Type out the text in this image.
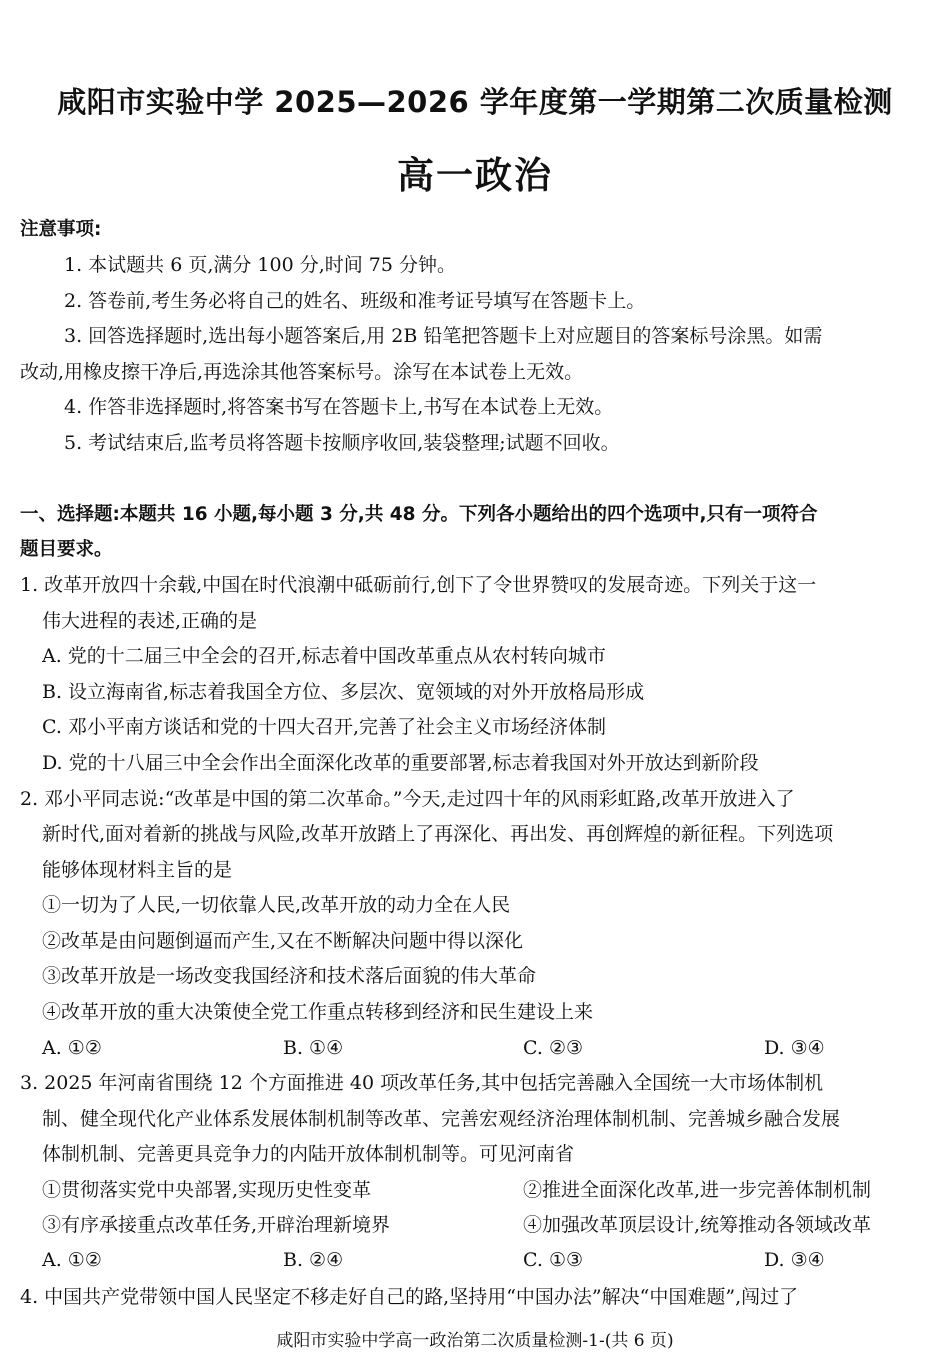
咸阳市实验中学 2025—2026 学年度第一学期第二次质量检测
高一政治
注意事项:
1. 本试题共 6 页,满分 100 分,时间 75 分钟。
2. 答卷前,考生务必将自己的姓名、班级和准考证号填写在答题卡上。
3. 回答选择题时,选出每小题答案后,用 2B 铅笔把答题卡上对应题目的答案标号涂黑。如需
改动,用橡皮擦干净后,再选涂其他答案标号。涂写在本试卷上无效。
4. 作答非选择题时,将答案书写在答题卡上,书写在本试卷上无效。
5. 考试结束后,监考员将答题卡按顺序收回,装袋整理;试题不回收。
一、选择题:本题共 16 小题,每小题 3 分,共 48 分。下列各小题给出的四个选项中,只有一项符合
题目要求。
1. 改革开放四十余载,中国在时代浪潮中砥砺前行,创下了令世界赞叹的发展奇迹。下列关于这一
伟大进程的表述,正确的是
A. 党的十二届三中全会的召开,标志着中国改革重点从农村转向城市
B. 设立海南省,标志着我国全方位、多层次、宽领域的对外开放格局形成
C. 邓小平南方谈话和党的十四大召开,完善了社会主义市场经济体制
D. 党的十八届三中全会作出全面深化改革的重要部署,标志着我国对外开放达到新阶段
2. 邓小平同志说:“改革是中国的第二次革命。”今天,走过四十年的风雨彩虹路,改革开放进入了
新时代,面对着新的挑战与风险,改革开放踏上了再深化、再出发、再创辉煌的新征程。下列选项
能够体现材料主旨的是
①一切为了人民,一切依靠人民,改革开放的动力全在人民
②改革是由问题倒逼而产生,又在不断解决问题中得以深化
③改革开放是一场改变我国经济和技术落后面貌的伟大革命
④改革开放的重大决策使全党工作重点转移到经济和民生建设上来
A. ①②	B. ①④	C. ②③	D. ③④
3. 2025 年河南省围绕 12 个方面推进 40 项改革任务,其中包括完善融入全国统一大市场体制机
制、健全现代化产业体系发展体制机制等改革、完善宏观经济治理体制机制、完善城乡融合发展
体制机制、完善更具竞争力的内陆开放体制机制等。可见河南省
①贯彻落实党中央部署,实现历史性变革	②推进全面深化改革,进一步完善体制机制
③有序承接重点改革任务,开辟治理新境界	④加强改革顶层设计,统筹推动各领域改革
A. ①②	B. ②④	C. ①③	D. ③④
4. 中国共产党带领中国人民坚定不移走好自己的路,坚持用“中国办法”解决“中国难题”,闯过了
咸阳市实验中学高一政治第二次质量检测-1-(共 6 页)
